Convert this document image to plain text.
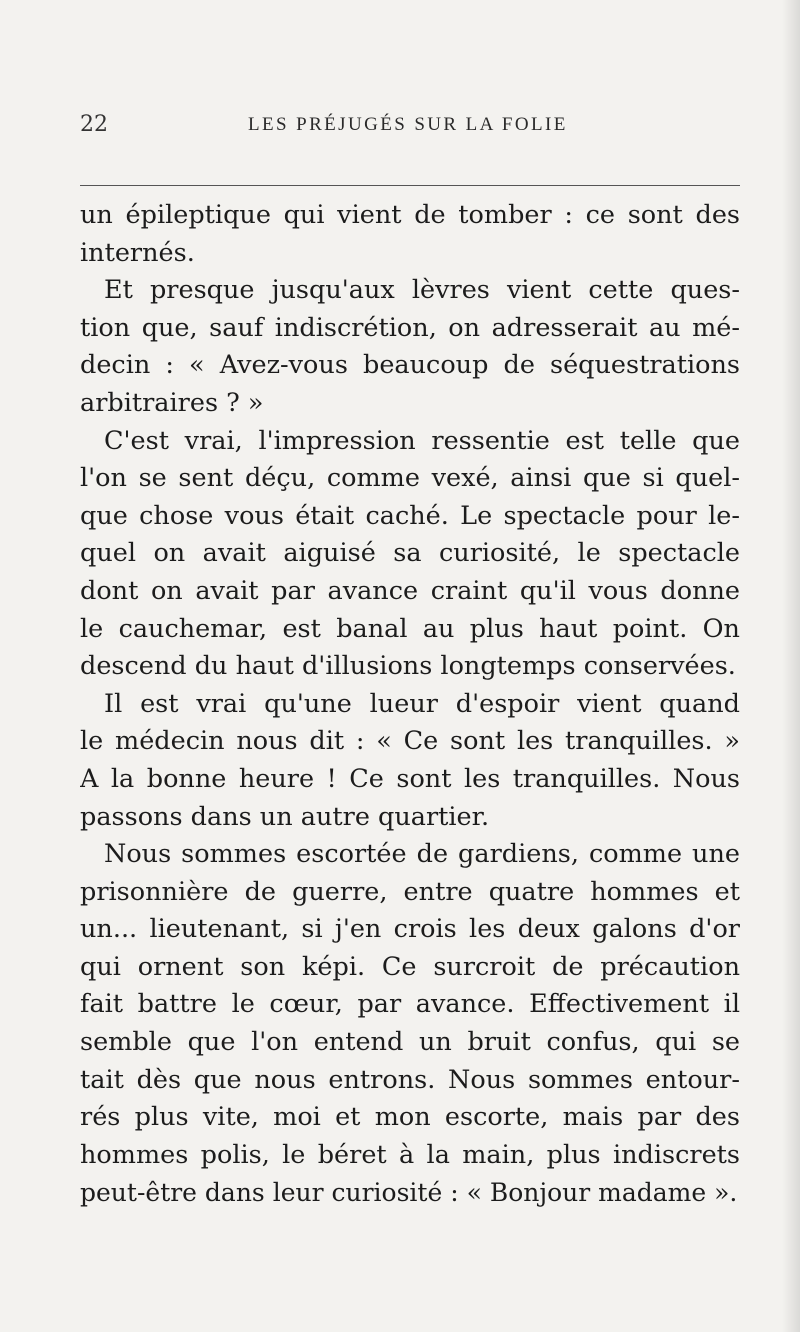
22	LES PRÉJUGÉS SUR LA FOLIE
un épileptique qui vient de tomber : ce sont des
internés.
Et presque jusqu'aux lèvres vient cette ques-
tion que, sauf indiscrétion, on adresserait au mé-
decin : « Avez-vous beaucoup de séquestrations
arbitraires ? »
C'est vrai, l'impression ressentie est telle que
l'on se sent déçu, comme vexé, ainsi que si quel-
que chose vous était caché. Le spectacle pour le-
quel on avait aiguisé sa curiosité, le spectacle
dont on avait par avance craint qu'il vous donne
le cauchemar, est banal au plus haut point. On
descend du haut d'illusions longtemps conservées.
Il est vrai qu'une lueur d'espoir vient quand
le médecin nous dit : « Ce sont les tranquilles. »
A la bonne heure ! Ce sont les tranquilles. Nous
passons dans un autre quartier.
Nous sommes escortée de gardiens, comme une
prisonnière de guerre, entre quatre hommes et
un... lieutenant, si j'en crois les deux galons d'or
qui ornent son képi. Ce surcroit de précaution
fait battre le cœur, par avance. Effectivement il
semble que l'on entend un bruit confus, qui se
tait dès que nous entrons. Nous sommes entour-
rés plus vite, moi et mon escorte, mais par des
hommes polis, le béret à la main, plus indiscrets
peut-être dans leur curiosité : « Bonjour madame ».
